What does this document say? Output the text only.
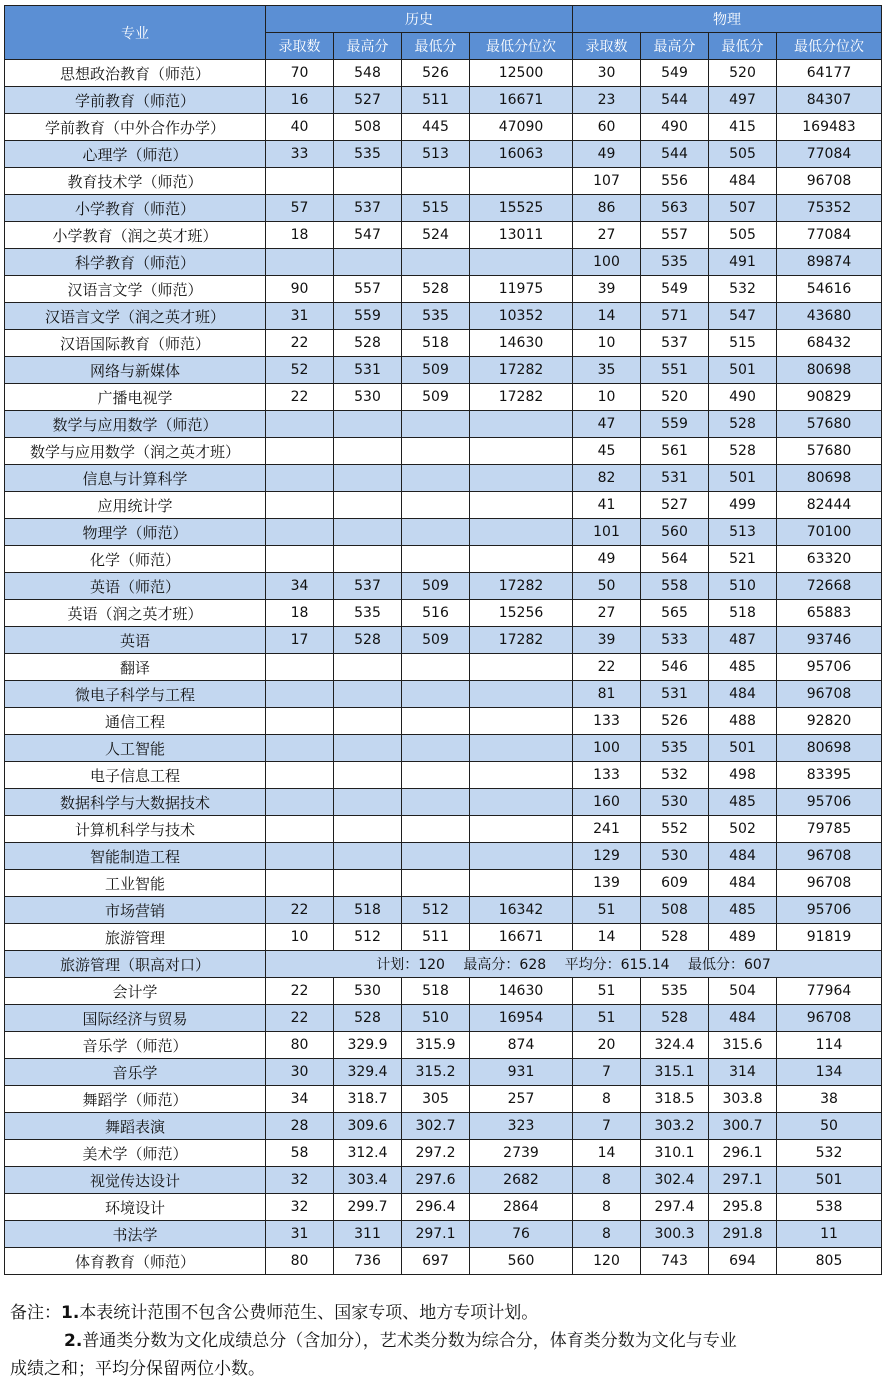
专业	历史				物理			
	录取数	最高分	最低分	最低分位次	录取数	最高分	最低分	最低分位次
思想政治教育（师范）	70	548	526	12500	30	549	520	64177
学前教育（师范）	16	527	511	16671	23	544	497	84307
学前教育（中外合作办学）	40	508	445	47090	60	490	415	169483
心理学（师范）	33	535	513	16063	49	544	505	77084
教育技术学（师范）					107	556	484	96708
小学教育（师范）	57	537	515	15525	86	563	507	75352
小学教育（润之英才班）	18	547	524	13011	27	557	505	77084
科学教育（师范）					100	535	491	89874
汉语言文学（师范）	90	557	528	11975	39	549	532	54616
汉语言文学（润之英才班）	31	559	535	10352	14	571	547	43680
汉语国际教育（师范）	22	528	518	14630	10	537	515	68432
网络与新媒体	52	531	509	17282	35	551	501	80698
广播电视学	22	530	509	17282	10	520	490	90829
数学与应用数学（师范）					47	559	528	57680
数学与应用数学（润之英才班）					45	561	528	57680
信息与计算科学					82	531	501	80698
应用统计学					41	527	499	82444
物理学（师范）					101	560	513	70100
化学（师范）					49	564	521	63320
英语（师范）	34	537	509	17282	50	558	510	72668
英语（润之英才班）	18	535	516	15256	27	565	518	65883
英语	17	528	509	17282	39	533	487	93746
翻译					22	546	485	95706
微电子科学与工程					81	531	484	96708
通信工程					133	526	488	92820
人工智能					100	535	501	80698
电子信息工程					133	532	498	83395
数据科学与大数据技术					160	530	485	95706
计算机科学与技术					241	552	502	79785
智能制造工程					129	530	484	96708
工业智能					139	609	484	96708
市场营销	22	518	512	16342	51	508	485	95706
旅游管理	10	512	511	16671	14	528	489	91819
旅游管理（职高对口）	计划：120　 最高分：628　 平均分：615.14　 最低分：607							
会计学	22	530	518	14630	51	535	504	77964
国际经济与贸易	22	528	510	16954	51	528	484	96708
音乐学（师范）	80	329.9	315.9	874	20	324.4	315.6	114
音乐学	30	329.4	315.2	931	7	315.1	314	134
舞蹈学（师范）	34	318.7	305	257	8	318.5	303.8	38
舞蹈表演	28	309.6	302.7	323	7	303.2	300.7	50
美术学（师范）	58	312.4	297.2	2739	14	310.1	296.1	532
视觉传达设计	32	303.4	297.6	2682	8	302.4	297.1	501
环境设计	32	299.7	296.4	2864	8	297.4	295.8	538
书法学	31	311	297.1	76	8	300.3	291.8	11
体育教育（师范）	80	736	697	560	120	743	694	805

备注：1.本表统计范围不包含公费师范生、国家专项、地方专项计划。

2.普通类分数为文化成绩总分（含加分），艺术类分数为综合分，体育类分数为文化与专业

成绩之和；平均分保留两位小数。
